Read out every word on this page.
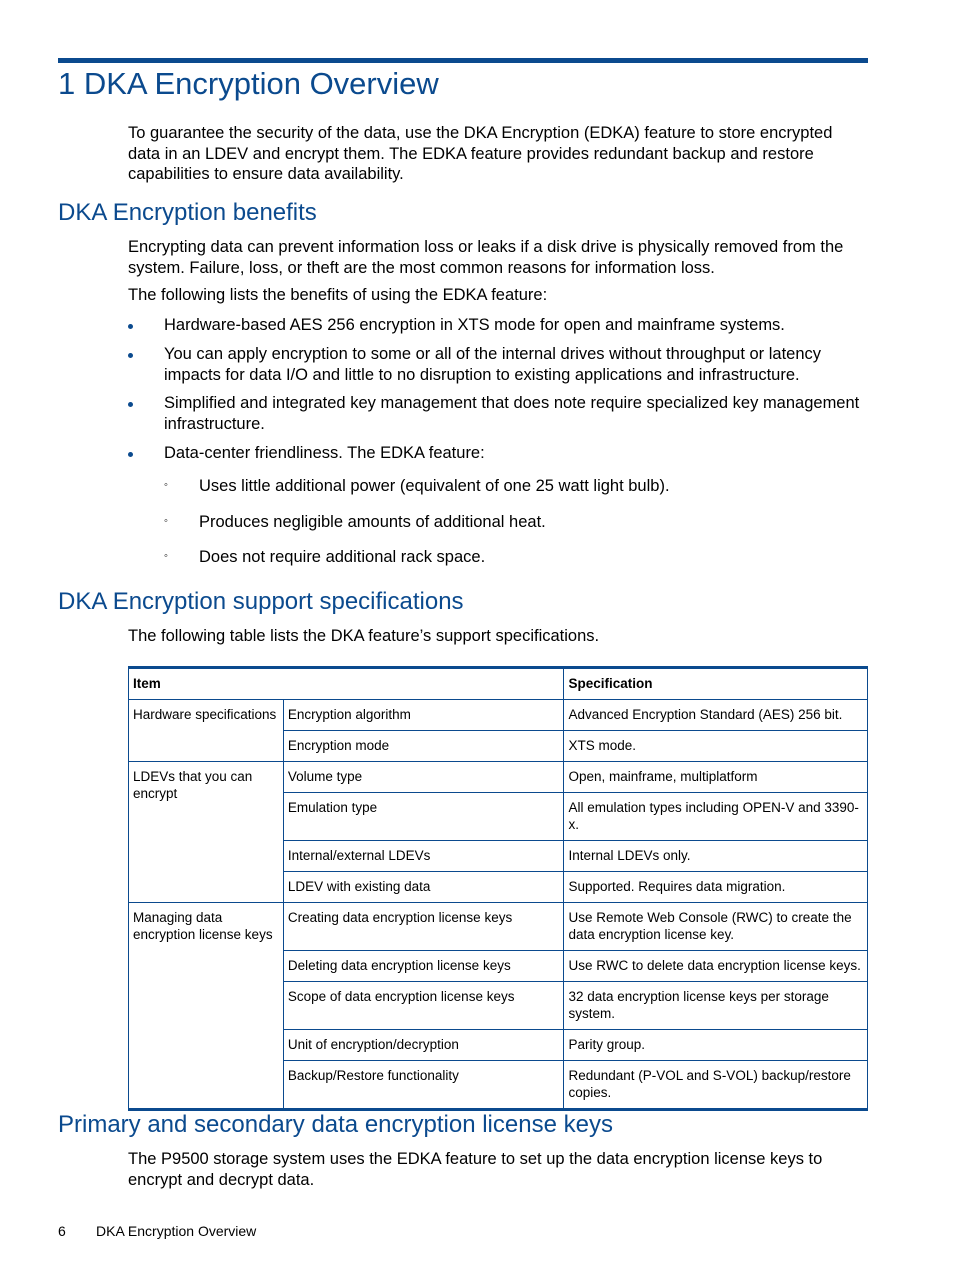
1 DKA Encryption Overview
To guarantee the security of the data, use the DKA Encryption (EDKA) feature to store encrypted data in an LDEV and encrypt them. The EDKA feature provides redundant backup and restore capabilities to ensure data availability.
DKA Encryption benefits
Encrypting data can prevent information loss or leaks if a disk drive is physically removed from the system. Failure, loss, or theft are the most common reasons for information loss.
The following lists the benefits of using the EDKA feature:
Hardware-based AES 256 encryption in XTS mode for open and mainframe systems.
You can apply encryption to some or all of the internal drives without throughput or latency impacts for data I/O and little to no disruption to existing applications and infrastructure.
Simplified and integrated key management that does note require specialized key management infrastructure.
Data-center friendliness. The EDKA feature:
◦ Uses little additional power (equivalent of one 25 watt light bulb).
◦ Produces negligible amounts of additional heat.
◦ Does not require additional rack space.
DKA Encryption support specifications
The following table lists the DKA feature’s support specifications.
Item		Specification
Hardware specifications	Encryption algorithm	Advanced Encryption Standard (AES) 256 bit.
	Encryption mode	XTS mode.
LDEVs that you can encrypt	Volume type	Open, mainframe, multiplatform
	Emulation type	All emulation types including OPEN-V and 3390-x.
	Internal/external LDEVs	Internal LDEVs only.
	LDEV with existing data	Supported. Requires data migration.
Managing data encryption license keys	Creating data encryption license keys	Use Remote Web Console (RWC) to create the data encryption license key.
	Deleting data encryption license keys	Use RWC to delete data encryption license keys.
	Scope of data encryption license keys	32 data encryption license keys per storage system.
	Unit of encryption/decryption	Parity group.
	Backup/Restore functionality	Redundant (P-VOL and S-VOL) backup/restore copies.
Primary and secondary data encryption license keys
The P9500 storage system uses the EDKA feature to set up the data encryption license keys to encrypt and decrypt data.
6 DKA Encryption Overview
